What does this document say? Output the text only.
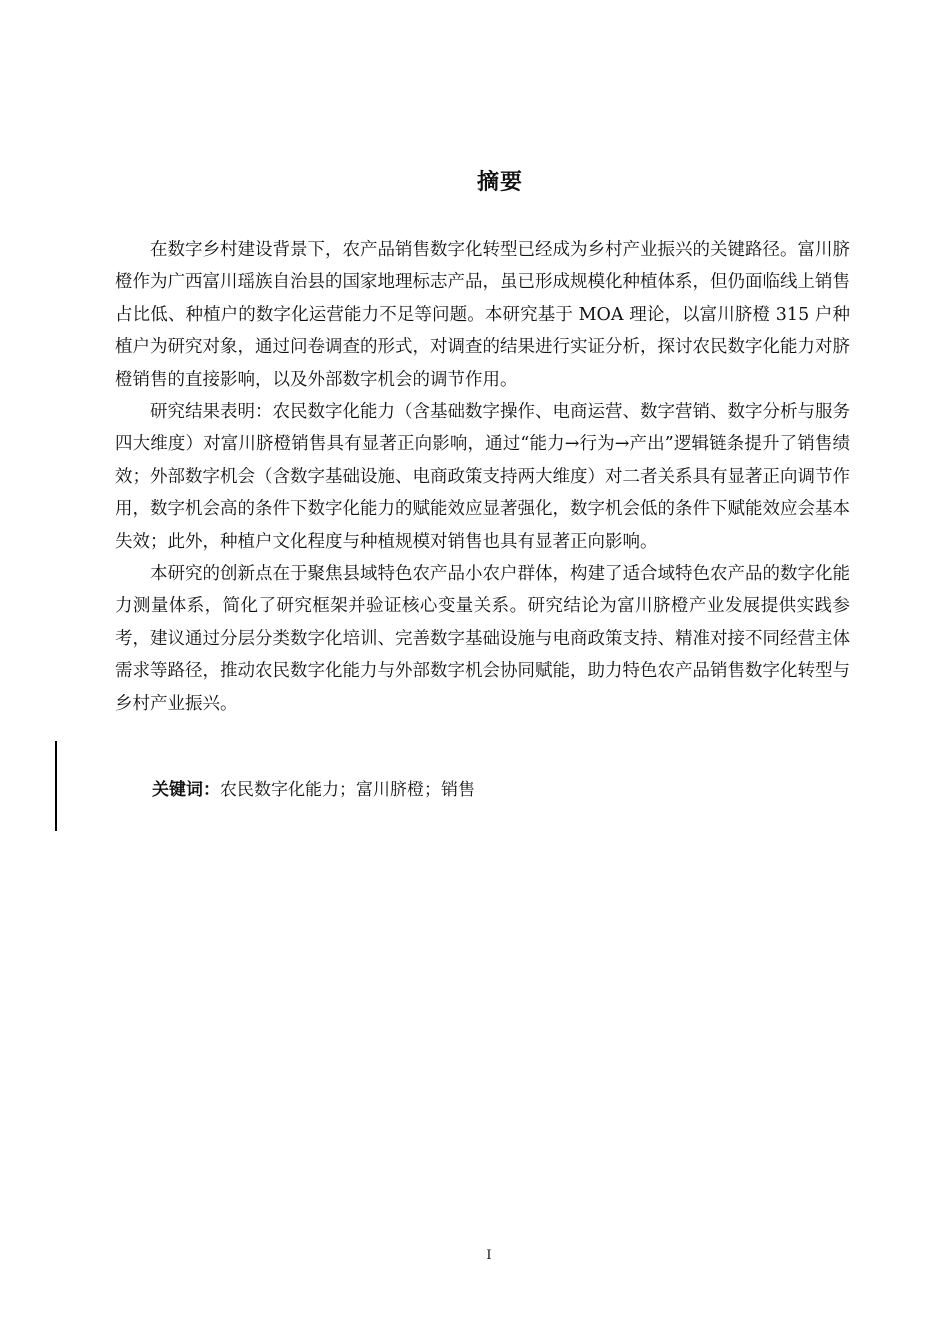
摘要

在数字乡村建设背景下，农产品销售数字化转型已经成为乡村产业振兴的关键路径。富川脐橙作为广西富川瑶族自治县的国家地理标志产品，虽已形成规模化种植体系，但仍面临线上销售占比低、种植户的数字化运营能力不足等问题。本研究基于 MOA 理论，以富川脐橙 315 户种植户为研究对象，通过问卷调查的形式，对调查的结果进行实证分析，探讨农民数字化能力对脐橙销售的直接影响，以及外部数字机会的调节作用。

研究结果表明：农民数字化能力（含基础数字操作、电商运营、数字营销、数字分析与服务四大维度）对富川脐橙销售具有显著正向影响，通过“能力→行为→产出”逻辑链条提升了销售绩效；外部数字机会（含数字基础设施、电商政策支持两大维度）对二者关系具有显著正向调节作用，数字机会高的条件下数字化能力的赋能效应显著强化，数字机会低的条件下赋能效应会基本失效；此外，种植户文化程度与种植规模对销售也具有显著正向影响。

本研究的创新点在于聚焦县域特色农产品小农户群体，构建了适合域特色农产品的数字化能力测量体系，简化了研究框架并验证核心变量关系。研究结论为富川脐橙产业发展提供实践参考，建议通过分层分类数字化培训、完善数字基础设施与电商政策支持、精准对接不同经营主体需求等路径，推动农民数字化能力与外部数字机会协同赋能，助力特色农产品销售数字化转型与乡村产业振兴。

关键词：农民数字化能力；富川脐橙；销售
I
